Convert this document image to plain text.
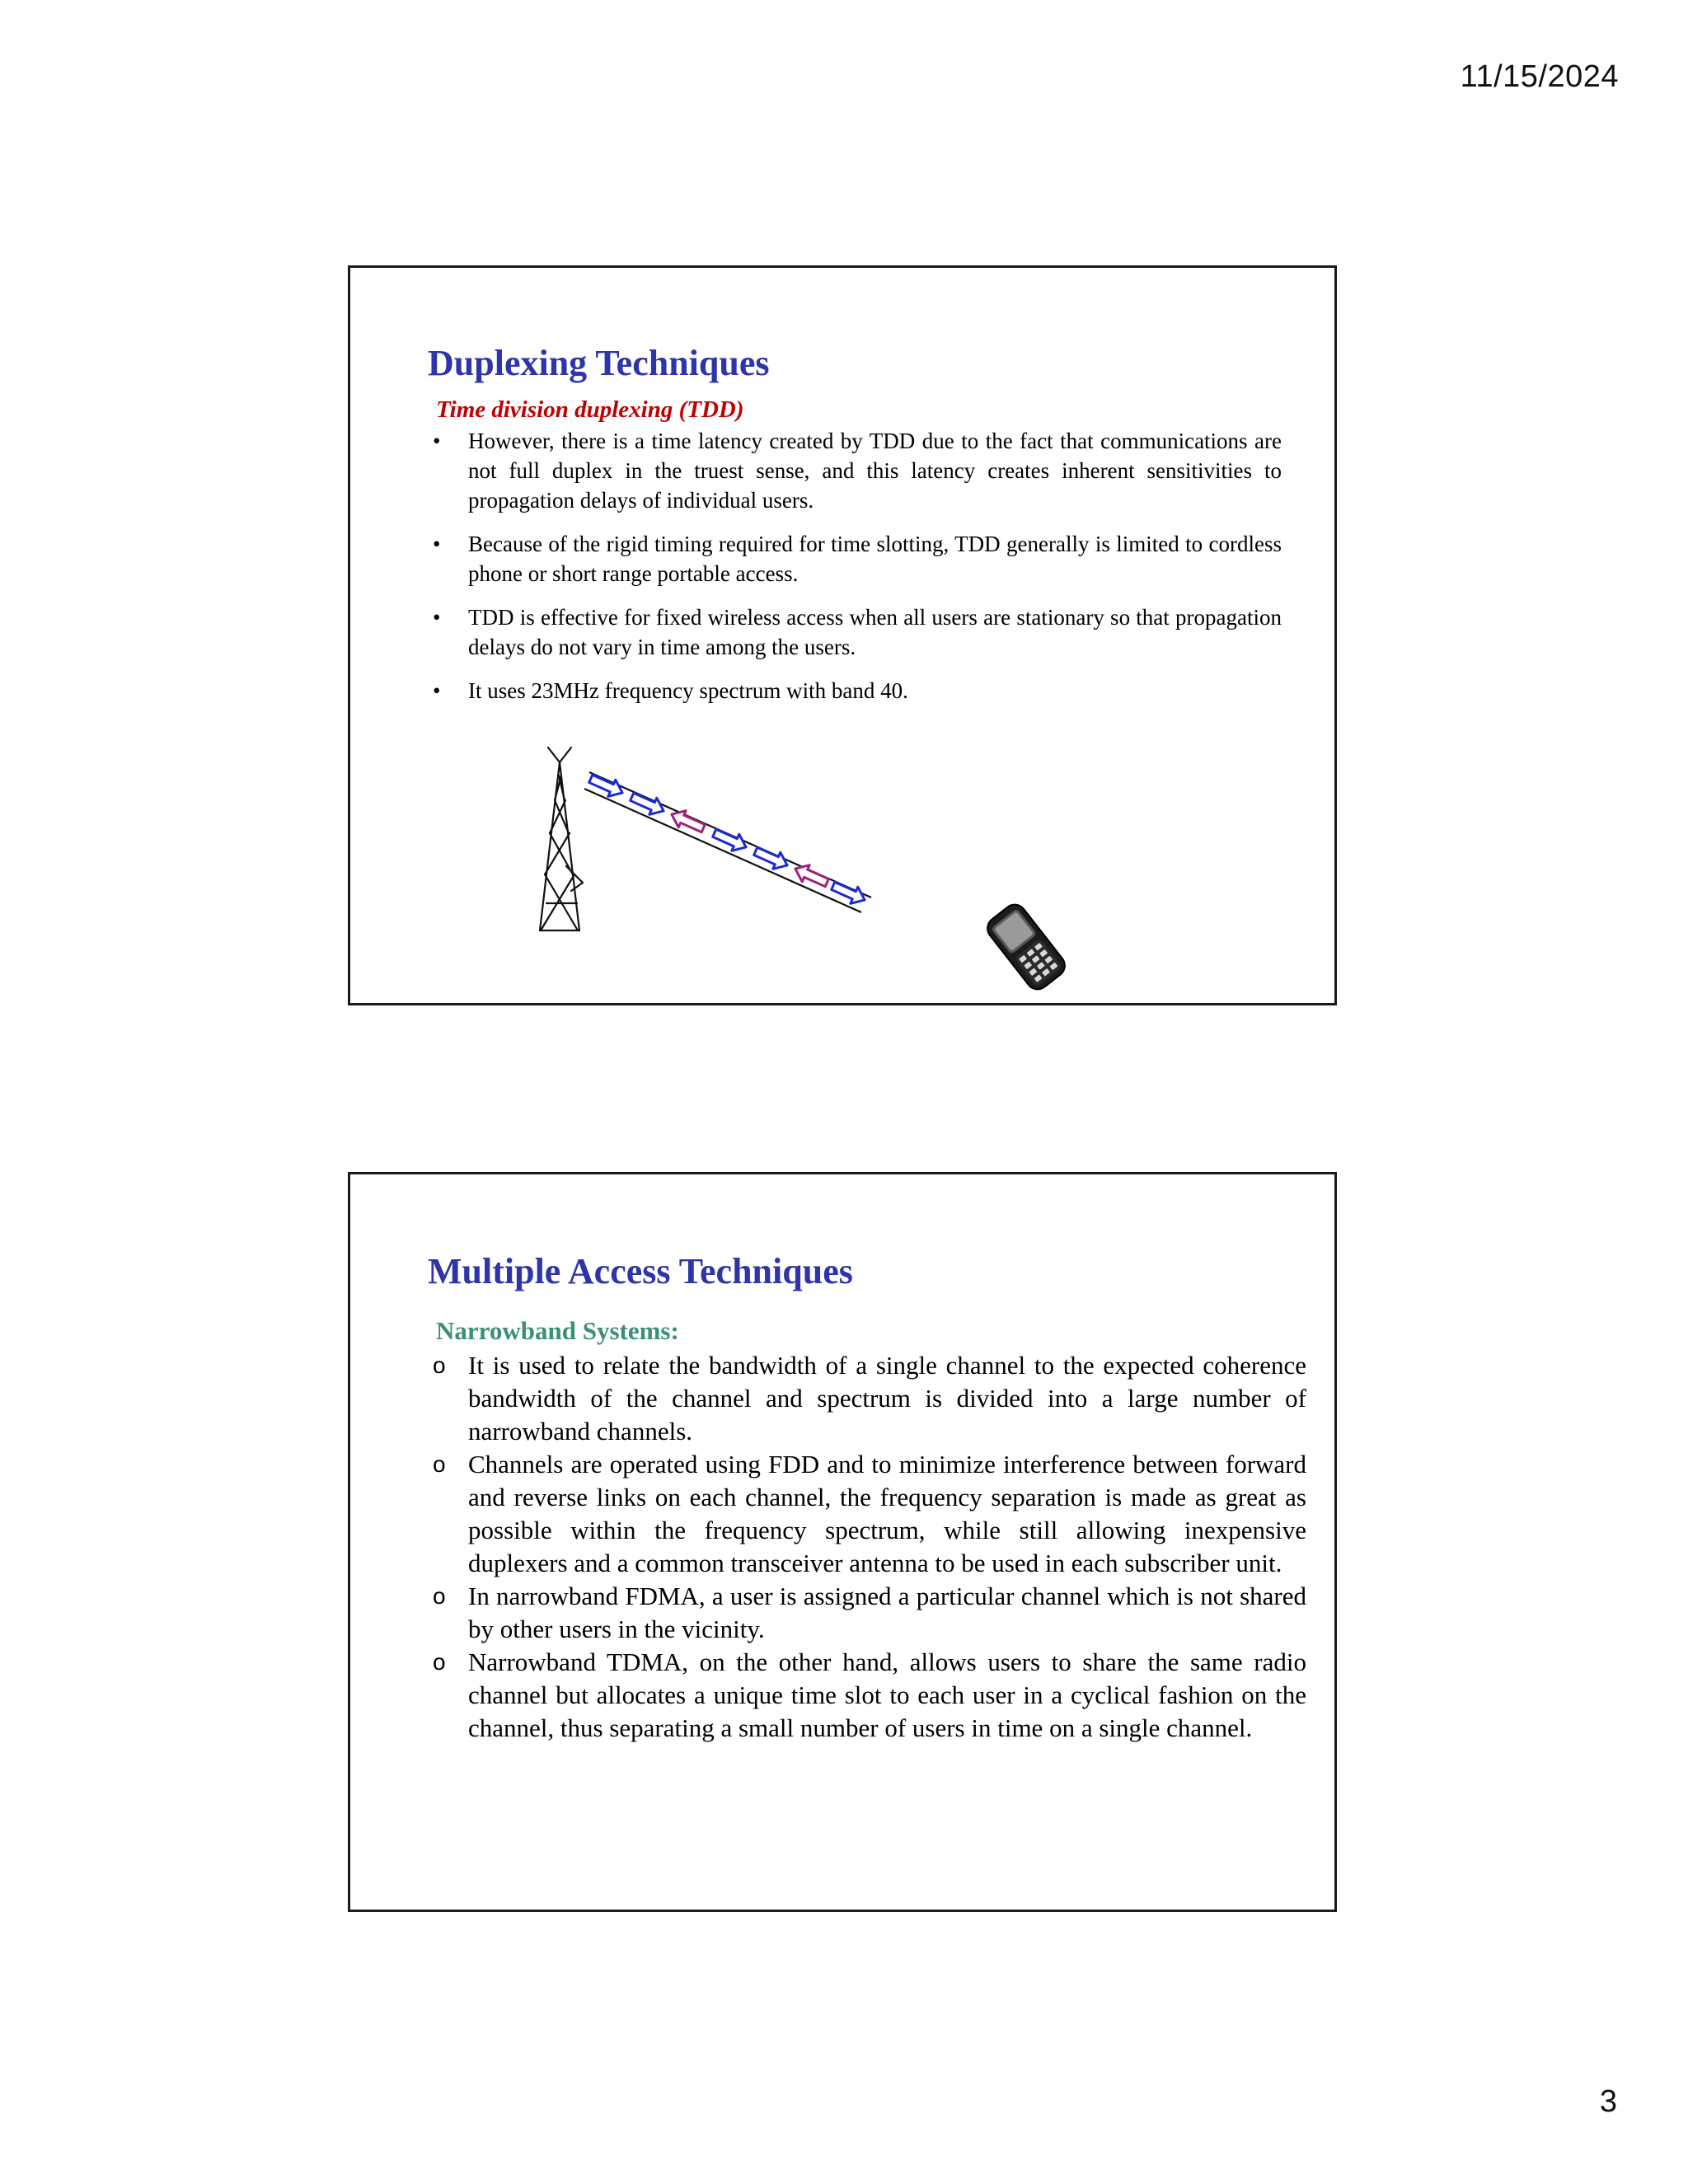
11/15/2024
Duplexing Techniques
Time division duplexing (TDD)
• However, there is a time latency created by TDD due to the fact that communications are not full duplex in the truest sense, and this latency creates inherent sensitivities to propagation delays of individual users.
• Because of the rigid timing required for time slotting, TDD generally is limited to cordless phone or short range portable access.
• TDD is effective for fixed wireless access when all users are stationary so that propagation delays do not vary in time among the users.
• It uses 23MHz frequency spectrum with band 40.
Multiple Access Techniques
Narrowband Systems:
o It is used to relate the bandwidth of a single channel to the expected coherence bandwidth of the channel and spectrum is divided into a large number of narrowband channels.
o Channels are operated using FDD and to minimize interference between forward and reverse links on each channel, the frequency separation is made as great as possible within the frequency spectrum, while still allowing inexpensive duplexers and a common transceiver antenna to be used in each subscriber unit.
o In narrowband FDMA, a user is assigned a particular channel which is not shared by other users in the vicinity.
o Narrowband TDMA, on the other hand, allows users to share the same radio channel but allocates a unique time slot to each user in a cyclical fashion on the channel, thus separating a small number of users in time on a single channel.
3
